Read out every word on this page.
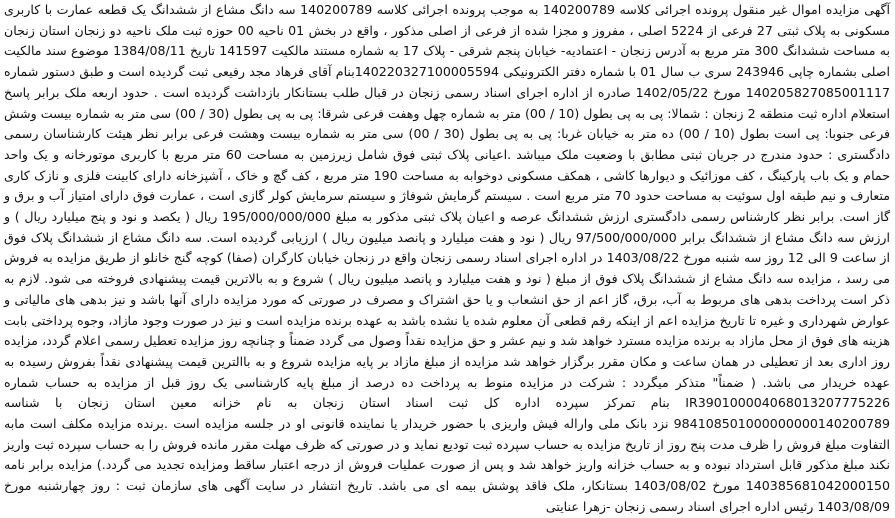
آگهی مزایده اموال غیر منقول پرونده اجرائی کلاسه 140200789 به موجب پرونده اجرائی کلاسه 140200789 سه دانگ مشاع از ششدانگ یک قطعه عمارت با کاربری مسکونی به پلاک ثبتی 27 فرعی از 5224 اصلی ، مفروز و مجزا شده از فرعی از اصلی مذکور ، واقع در بخش 01 ناحیه 00 حوزه ثبت ملک ناحیه دو زنجان استان زنجان به مساحت ششدانگ 300 متر مربع به آدرس زنجان - اعتمادیه- خیابان پنجم شرقی - پلاک 17 به شماره مستند مالکیت 141597 تاریخ 1384/08/11 موضوع سند مالکیت اصلی بشماره چاپی 243946 سری ب سال 01 با شماره دفتر الکترونیکی 140220327100005594بنام آقای فرهاد مجد رفیعی ثبت گردیده است و طبق دستور شماره 140205827085001117 مورخ 1402/05/22 صادره از اداره اجرای اسناد رسمی زنجان در قبال طلب بستانکار بازداشت گردیده است . حدود اربعه ملک برابر پاسخ استعلام اداره ثبت منطقه 2 زنجان : شمالا: پی به پی بطول (10 / 00) متر به شماره چهل وهفت فرعی شرقا: پی به پی بطول (30 / 00) سی متر به شماره بیست وشش فرعی جنوبا: پی است بطول (10 / 00) ده متر به خیابان غربا: پی به پی بطول (30 / 00) سی متر به شماره بیست وهشت فرعی برابر نظر هیئت کارشناسان رسمی دادگستری : حدود مندرج در جریان ثبتی مطابق با وضعیت ملک میباشد .اعیانی پلاک ثبتی فوق شامل زیرزمین به مساحت 60 متر مربع با کاربری موتورخانه و یک واحد حمام و یک باب پارکینگ ، کف موزائیک و دیوارها کاشی ، همکف مسکونی دوخوابه به مساحت 190 متر مربع ، کف گچ و خاک ، آشپزخانه دارای کابینت فلزی و نازک کاری متعارف و نیم طبقه اول سوئیت به مساحت حدود 70 متر مربع است . سیستم گرمایش شوفاژ و سیستم سرمایش کولر گازی است ، عمارت فوق دارای امتیاز آب و برق و گاز است. برابر نظر کارشناس رسمی دادگستری ارزش ششدانگ عرصه و اعیان پلاک ثبتی مذکور به مبلغ 195/000/000/000 ریال ( یکصد و نود و پنج میلیارد ریال ) و ارزش سه دانگ مشاع از ششدانگ برابر 97/500/000/000 ریال ( نود و هفت میلیارد و پانصد میلیون ریال ) ارزیابی گردیده است. سه دانگ مشاع از ششدانگ پلاک فوق از ساعت 9 الی 12 روز سه شنبه مورخ 1403/08/22 در اداره اجرای اسناد رسمی زنجان واقع در زنجان خیابان کارگران (صفا) کوچه گنج خانلو از طریق مزایده به فروش می رسد ، مزایده سه دانگ مشاع از ششدانگ پلاک فوق از مبلغ ( نود و هفت میلیارد و پانصد میلیون ریال ) شروع و به بالاترین قیمت پیشنهادی فروخته می شود. لازم به ذکر است پرداخت بدهی های مربوط به آب، برق، گاز اعم از حق انشعاب و یا حق اشتراک و مصرف در صورتی که مورد مزایده دارای آنها باشد و نیز بدهی های مالیاتی و عوارض شهرداری و غیره تا تاریخ مزایده اعم از اینکه رقم قطعی آن معلوم شده یا نشده باشد به عهده برنده مزایده است و نیز در صورت وجود مازاد، وجوه پرداختی بابت هزینه های فوق از محل مازاد به برنده مزایده مسترد خواهد شد و نیم عشر و حق مزایده نقداً وصول می گردد ضمناً و چنانچه روز مزایده تعطیل رسمی اعلام گردد، مزایده روز اداری بعد از تعطیلی در همان ساعت و مکان مقرر برگزار خواهد شد مزایده از مبلغ مازاد بر پایه مزایده شروع و به باالترین قیمت پیشنهادی نقداً بفروش رسیده به عهده خریدار می باشد. ( ضمناً" متذکر میگردد : شرکت در مزایده منوط به پرداخت ده درصد از مبلغ پایه کارشناسی یک روز قبل از مزایده به حساب شماره IR390100004068013207775226 بنام تمرکز سپرده اداره کل ثبت اسناد استان زنجان به نام خزانه معین استان زنجان با شناسه 984108501000000000140200789 نزد بانک ملی واراله فیش واریزی با حضور خریدار یا نماینده قانونی او در جلسه مزایده است .برنده مزایده مکلف است مابه التفاوت مبلغ فروش را ظرف مدت پنج روز از تاریخ مزایده به حساب سپرده ثبت تودیع نماید و در صورتی که ظرف مهلت مقرر مانده فروش را به حساب سپرده ثبت واریز نکند مبلغ مذکور قابل استرداد نبوده و به حساب خزانه واریز خواهد شد و پس از صورت عملیات فروش از درجه اعتبار ساقط ومزایده تجدید می گردد.) مزایده برابر نامه 140385681042000150 مورخ 1403/08/02 بستانکار، ملک فاقد پوشش بیمه ای می باشد. تاریخ انتشار در سایت آگهی های سازمان ثبت : روز چهارشنبه مورخ 1403/08/09 رئیس اداره اجرای اسناد رسمی زنجان -زهرا عنایتی
